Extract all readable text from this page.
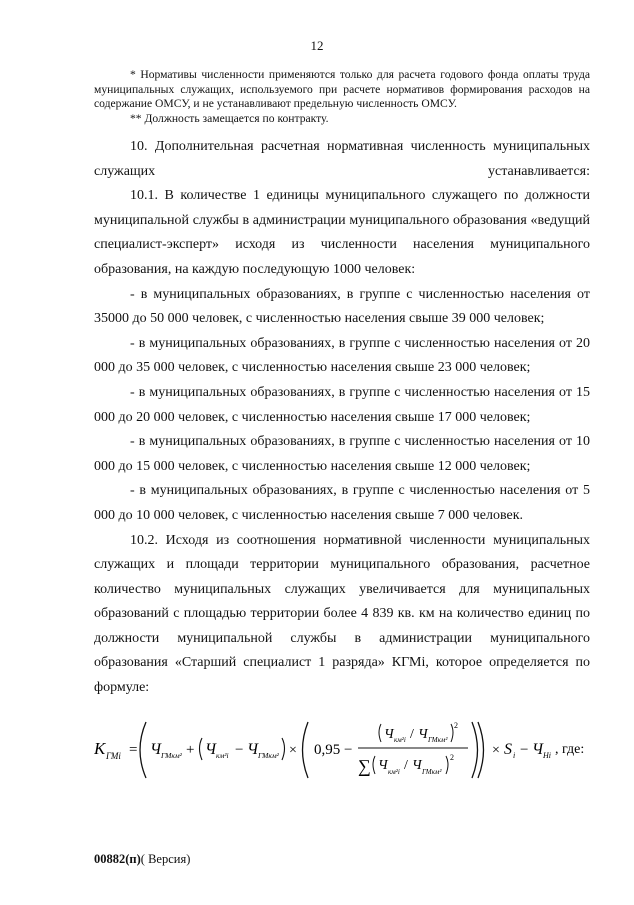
12

* Нормативы численности применяются только для расчета годового фонда оплаты труда муниципальных служащих, используемого при расчете нормативов формирования расходов на содержание ОМСУ, и не устанавливают предельную численность ОМСУ.

** Должность замещается по контракту.

10. Дополнительная расчетная нормативная численность муниципальных служащих устанавливается:

10.1. В количестве 1 единицы муниципального служащего по должности муниципальной службы в администрации муниципального образования «ведущий специалист-эксперт» исходя из численности населения муниципального образования, на каждую последующую 1000 человек:

- в муниципальных образованиях, в группе с численностью населения от 35000 до 50 000 человек, с численностью населения свыше 39 000 человек;

- в муниципальных образованиях, в группе с численностью населения от 20 000 до 35 000 человек, с численностью населения свыше 23 000 человек;

- в муниципальных образованиях, в группе с численностью населения от 15 000 до 20 000 человек, с численностью населения свыше 17 000 человек;

- в муниципальных образованиях, в группе с численностью населения от 10 000 до 15 000 человек, с численностью населения свыше 12 000 человек;

- в муниципальных образованиях, в группе с численностью населения от 5 000 до 10 000 человек, с численностью населения свыше 7 000 человек.

10.2. Исходя из соотношения нормативной численности муниципальных служащих и площади территории муниципального образования, расчетное количество муниципальных служащих увеличивается для муниципальных образований с площадью территории более 4 839 кв. км на количество единиц по должности муниципальной службы в администрации муниципального образования «Старший специалист 1 разряда» КГМi, которое определяется по формуле:

K ГМi = Ч ГМкм² + Ч км²i − Ч ГМкм² × 0,95 −
Ч км²i / Ч ГМкм²
2
∑ Ч км²i / Ч ГМкм²
2	× S i − Ч Нi , где:
00882(п)( Версия)
